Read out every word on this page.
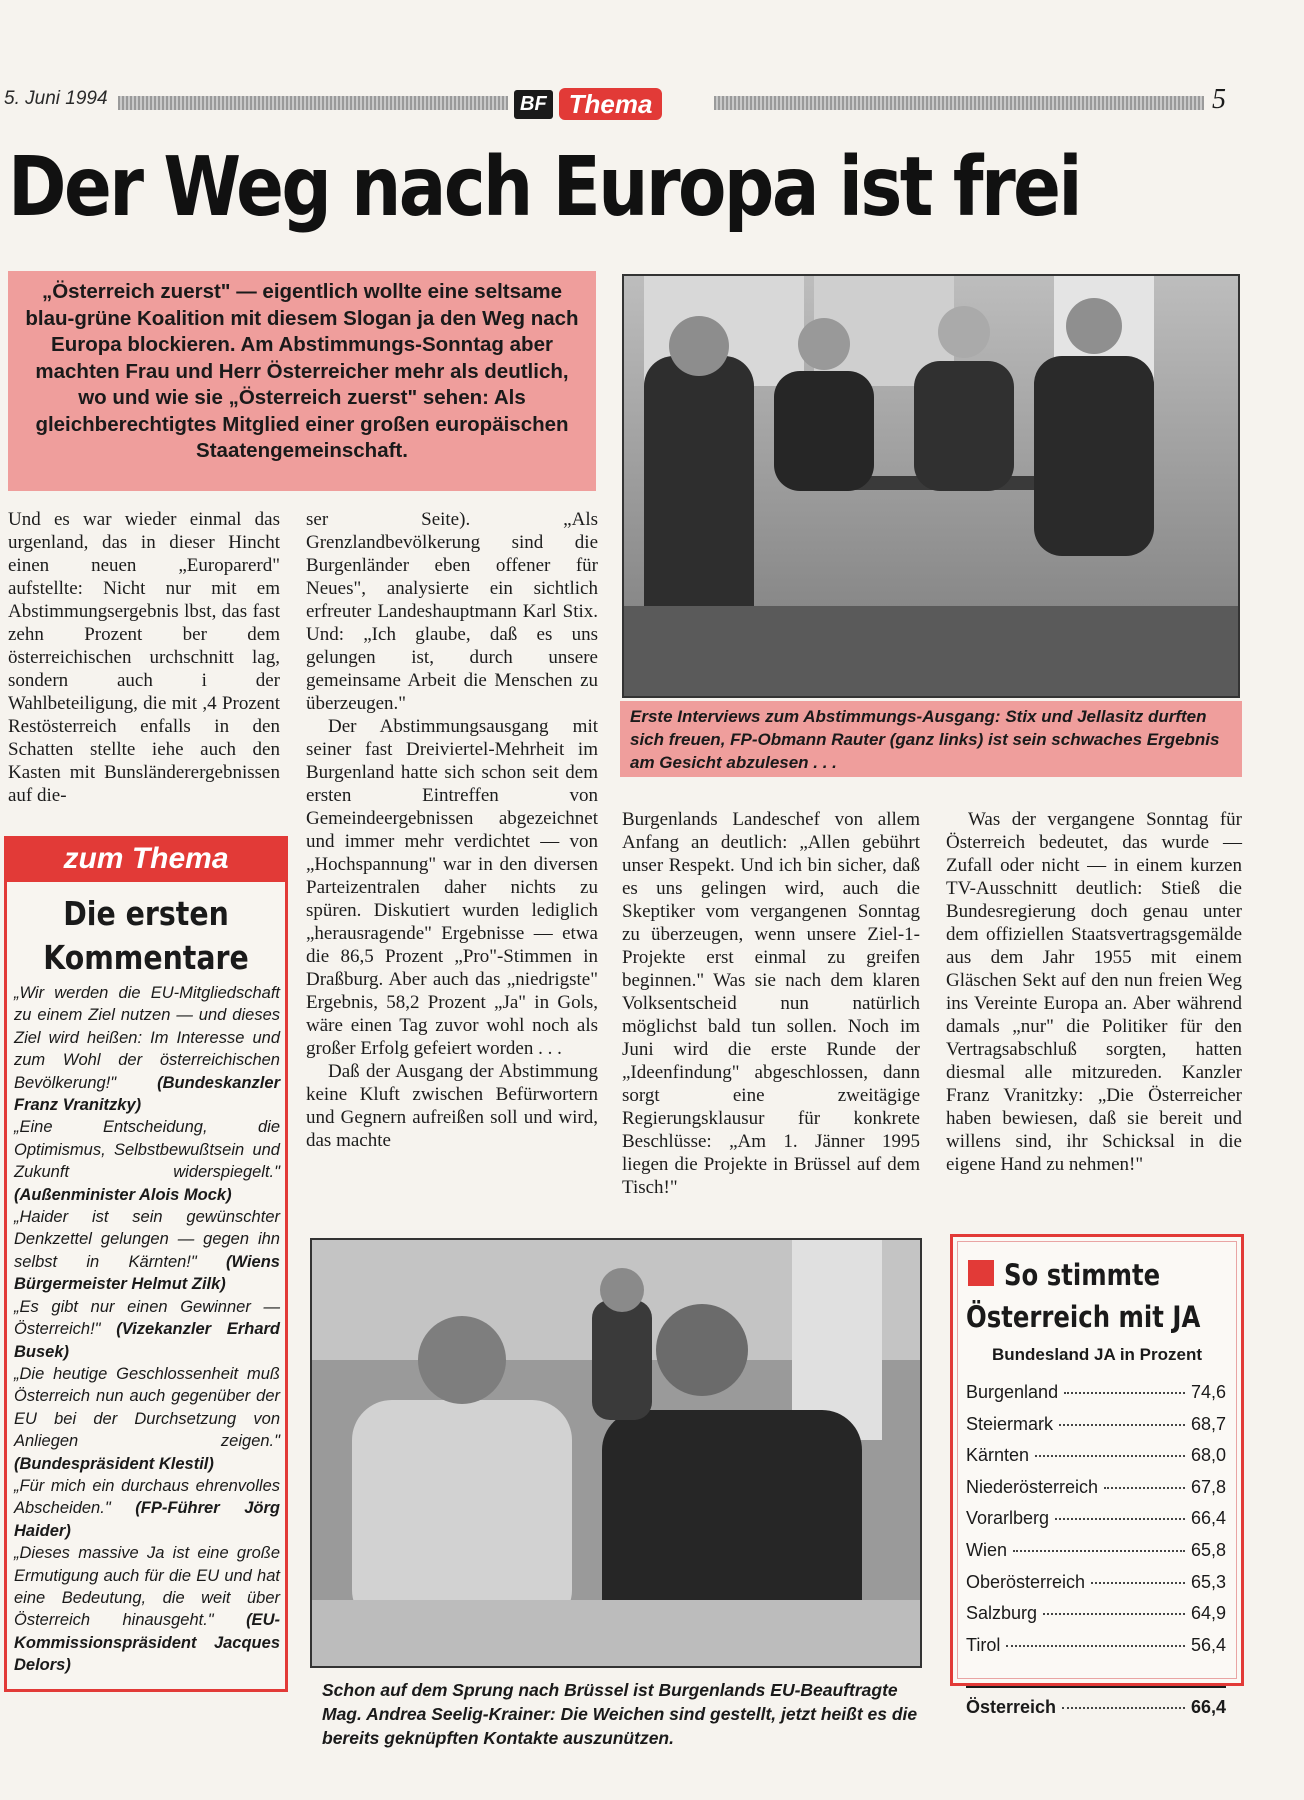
5. Juni 1994	BF Thema	5
Der Weg nach Europa ist frei
„Österreich zuerst" — eigentlich wollte eine seltsame blau-grüne Koalition mit diesem Slogan ja den Weg nach Europa blockieren. Am Abstimmungs-Sonntag aber machten Frau und Herr Österreicher mehr als deutlich, wo und wie sie „Österreich zuerst" sehen: Als gleichberechtigtes Mitglied einer großen europäischen Staatengemeinschaft.
Erste Interviews zum Abstimmungs-Ausgang: Stix und Jellasitz durften sich freuen, FP-Obmann Rauter (ganz links) ist sein schwaches Ergebnis am Gesicht abzulesen . . .

Und es war wieder einmal das urgenland, das in dieser Hincht einen neuen „Europarerd" aufstellte: Nicht nur mit em Abstimmungsergebnis lbst, das fast zehn Prozent ber dem österreichischen urchschnitt lag, sondern auch i der Wahlbeteiligung, die mit ,4 Prozent Restösterreich enfalls in den Schatten stellte iehe auch den Kasten mit Bunsländerergebnissen auf die-

ser Seite). „Als Grenzlandbevölkerung sind die Burgenländer eben offener für Neues", analysierte ein sichtlich erfreuter Landeshauptmann Karl Stix. Und: „Ich glaube, daß es uns gelungen ist, durch unsere gemeinsame Arbeit die Menschen zu überzeugen."

Der Abstimmungsausgang mit seiner fast Dreiviertel-Mehrheit im Burgenland hatte sich schon seit dem ersten Eintreffen von Gemeindeergebnissen abgezeichnet und immer mehr verdichtet — von „Hochspannung" war in den diversen Parteizentralen daher nichts zu spüren. Diskutiert wurden lediglich „herausragende" Ergebnisse — etwa die 86,5 Prozent „Pro"-Stimmen in Draßburg. Aber auch das „niedrigste" Ergebnis, 58,2 Prozent „Ja" in Gols, wäre einen Tag zuvor wohl noch als großer Erfolg gefeiert worden . . .

Daß der Ausgang der Abstimmung keine Kluft zwischen Befürwortern und Gegnern aufreißen soll und wird, das machte

Burgenlands Landeschef von allem Anfang an deutlich: „Allen gebührt unser Respekt. Und ich bin sicher, daß es uns gelingen wird, auch die Skeptiker vom vergangenen Sonntag zu überzeugen, wenn unsere Ziel-1-Projekte erst einmal zu greifen beginnen." Was sie nach dem klaren Volksentscheid nun natürlich möglichst bald tun sollen. Noch im Juni wird die erste Runde der „Ideenfindung" abgeschlossen, dann sorgt eine zweitägige Regierungsklausur für konkrete Beschlüsse: „Am 1. Jänner 1995 liegen die Projekte in Brüssel auf dem Tisch!"

Was der vergangene Sonntag für Österreich bedeutet, das wurde — Zufall oder nicht — in einem kurzen TV-Ausschnitt deutlich: Stieß die Bundesregierung doch genau unter dem offiziellen Staatsvertragsgemälde aus dem Jahr 1955 mit einem Gläschen Sekt auf den nun freien Weg ins Vereinte Europa an. Aber während damals „nur" die Politiker für den Vertragsabschluß sorgten, hatten diesmal alle mitzureden. Kanzler Franz Vranitzky: „Die Österreicher haben bewiesen, daß sie bereit und willens sind, ihr Schicksal in die eigene Hand zu nehmen!"

zum Thema
Die ersten Kommentare
„Wir werden die EU-Mitgliedschaft zu einem Ziel nutzen — und dieses Ziel wird heißen: Im Interesse und zum Wohl der österreichischen Bevölkerung!" (Bundeskanzler Franz Vranitzky)
„Eine Entscheidung, die Optimismus, Selbstbewußtsein und Zukunft widerspiegelt." (Außenminister Alois Mock)
„Haider ist sein gewünschter Denkzettel gelungen — gegen ihn selbst in Kärnten!" (Wiens Bürgermeister Helmut Zilk)
„Es gibt nur einen Gewinner — Österreich!" (Vizekanzler Erhard Busek)
„Die heutige Geschlossenheit muß Österreich nun auch gegenüber der EU bei der Durchsetzung von Anliegen zeigen." (Bundespräsident Klestil)
„Für mich ein durchaus ehrenvolles Abscheiden." (FP-Führer Jörg Haider)
„Dieses massive Ja ist eine große Ermutigung auch für die EU und hat eine Bedeutung, die weit über Österreich hinausgeht." (EU-Kommissionspräsident Jacques Delors)
Schon auf dem Sprung nach Brüssel ist Burgenlands EU-Beauftragte Mag. Andrea Seelig-Krainer: Die Weichen sind gestellt, jetzt heißt es die bereits geknüpften Kontakte auszunützen.
So stimmte
Österreich mit JA
Bundesland JA in Prozent
Burgenland	74,6
Steiermark	68,7
Kärnten	68,0
Niederösterreich	67,8
Vorarlberg	66,4
Wien	65,8
Oberösterreich	65,3
Salzburg	64,9
Tirol	56,4
Österreich	66,4
